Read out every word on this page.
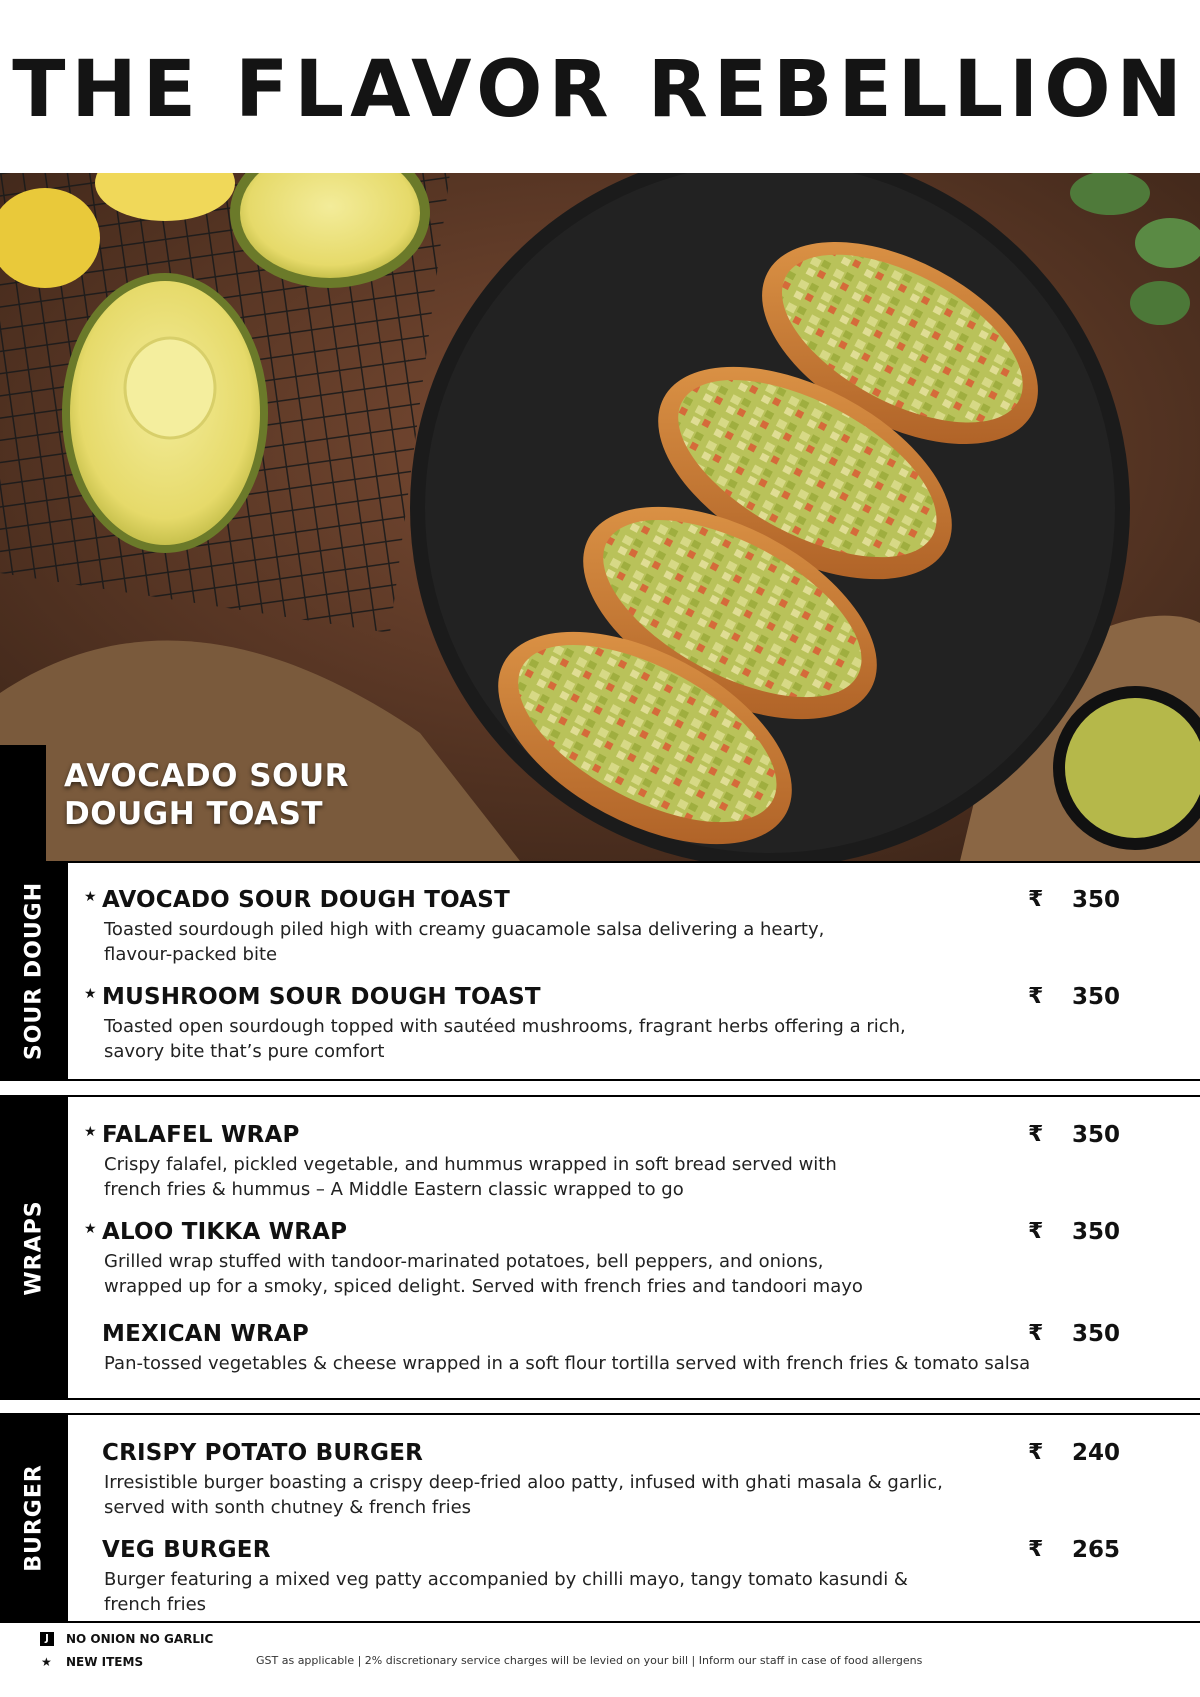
THE FLAVOR REBELLION
AVOCADO SOUR
DOUGH TOAST
SOUR DOUGH	★ AVOCADO SOUR DOUGH TOAST	₹	350
Toasted sourdough piled high with creamy guacamole salsa delivering a hearty,
flavour-packed bite
★ MUSHROOM SOUR DOUGH TOAST	₹	350
Toasted open sourdough topped with sautéed mushrooms, fragrant herbs offering a rich,
savory bite that’s pure comfort
WRAPS
★ FALAFEL WRAP	₹	350
Crispy falafel, pickled vegetable, and hummus wrapped in soft bread served with
french fries & hummus – A Middle Eastern classic wrapped to go
★ ALOO TIKKA WRAP	₹	350
Grilled wrap stuffed with tandoor-marinated potatoes, bell peppers, and onions,
wrapped up for a smoky, spiced delight. Served with french fries and tandoori mayo
MEXICAN WRAP	₹	350
Pan-tossed vegetables & cheese wrapped in a soft flour tortilla served with french fries & tomato salsa
BURGER
CRISPY POTATO BURGER	₹	240
Irresistible burger boasting a crispy deep-fried aloo patty, infused with ghati masala & garlic,
served with sonth chutney & french fries
VEG BURGER	₹	265
Burger featuring a mixed veg patty accompanied by chilli mayo, tangy tomato kasundi &
french fries
J	NO ONION NO GARLIC
★ NEW ITEMS	GST as applicable | 2% discretionary service charges will be levied on your bill | Inform our staff in case of food allergens
